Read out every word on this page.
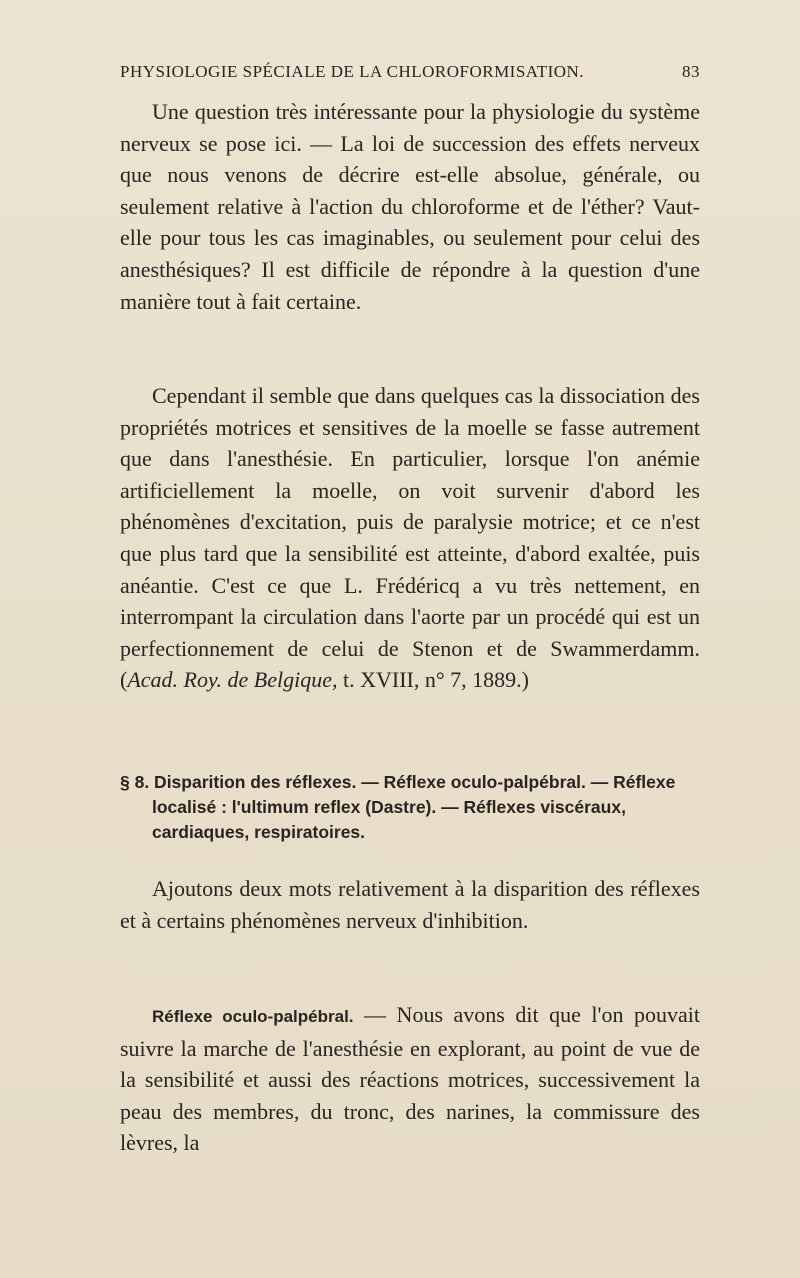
PHYSIOLOGIE SPÉCIALE DE LA CHLOROFORMISATION.	83

Une question très intéressante pour la physiologie du système nerveux se pose ici. — La loi de succession des effets nerveux que nous venons de décrire est-elle absolue, générale, ou seulement relative à l'action du chloroforme et de l'éther? Vaut-elle pour tous les cas imaginables, ou seulement pour celui des anesthésiques? Il est difficile de répondre à la question d'une manière tout à fait certaine.

Cependant il semble que dans quelques cas la dissociation des propriétés motrices et sensitives de la moelle se fasse autrement que dans l'anesthésie. En particulier, lorsque l'on anémie artificiellement la moelle, on voit survenir d'abord les phénomènes d'excitation, puis de paralysie motrice; et ce n'est que plus tard que la sensibilité est atteinte, d'abord exaltée, puis anéantie. C'est ce que L. Frédéricq a vu très nettement, en interrompant la circulation dans l'aorte par un procédé qui est un perfectionnement de celui de Stenon et de Swammerdamm. (Acad. Roy. de Belgique, t. XVIII, n° 7, 1889.)

§ 8. Disparition des réflexes. — Réflexe oculo-palpébral. — Réflexe localisé : l'ultimum reflex (Dastre). — Réflexes viscéraux, cardiaques, respiratoires.

Ajoutons deux mots relativement à la disparition des réflexes et à certains phénomènes nerveux d'inhibition.

Réflexe oculo-palpébral. — Nous avons dit que l'on pouvait suivre la marche de l'anesthésie en explorant, au point de vue de la sensibilité et aussi des réactions motrices, successivement la peau des membres, du tronc, des narines, la commissure des lèvres, la
